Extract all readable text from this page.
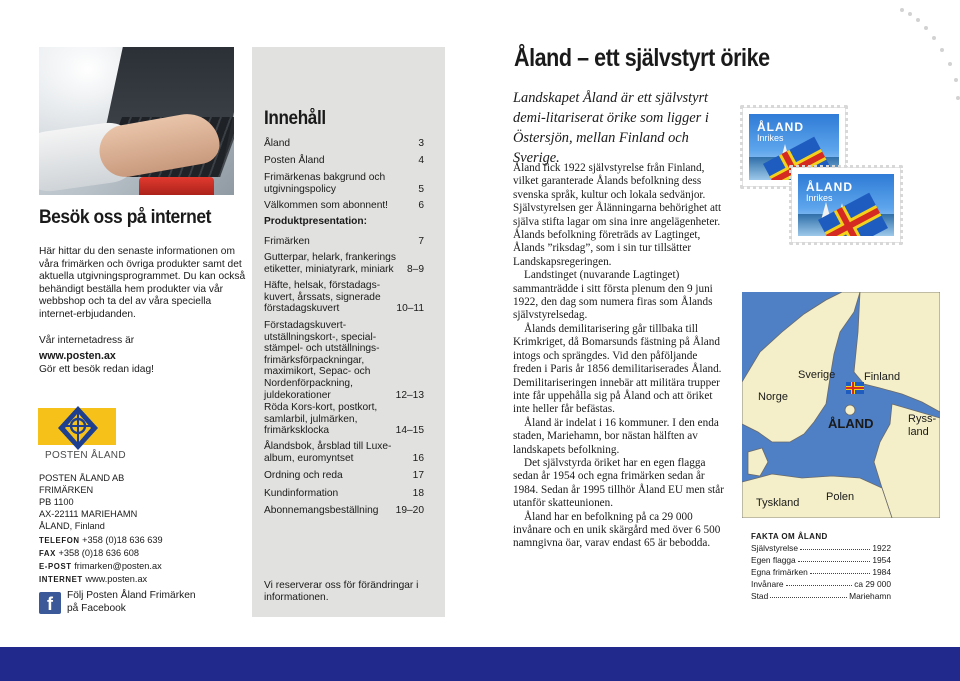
Besök oss på internet
Här hittar du den senaste informationen om våra frimärken och övriga produkter samt det aktuella utgivningsprogrammet. Du kan också behändigt beställa hem produkter via vår webbshop och ta del av våra speciella internet-erbjudanden.
Vår internetadress är
www.posten.ax
Gör ett besök redan idag!
POSTEN ÅLAND
POSTEN ÅLAND AB
FRIMÄRKEN
PB 1100
AX-22111 MARIEHAMN
ÅLAND, Finland
TELEFON +358 (0)18 636 639
FAX +358 (0)18 636 608
E-POST frimarken@posten.ax
INTERNET www.posten.ax
f	Följ Posten Åland Frimärken på Facebook
Innehåll
Åland	3
Posten Åland	4
Frimärkenas bakgrund och utgivningspolicy	5
Välkommen som abonnent!	6
Produktpresentation:
Frimärken	7
Gutterpar, helark, frankerings etiketter, miniatyrark, miniark	8–9
Häfte, helsak, förstadags-kuvert, årssats, signerade förstadagskuvert	10–11
Förstadagskuvert-utställningskort-, special-stämpel- och utställnings-frimärksförpackningar, maximikort, Sepac- och Nordenförpackning, juldekorationer	12–13
Röda Kors-kort, postkort, samlarbil, julmärken, frimärksklocka	14–15
Ålandsbok, årsblad till Luxe-album, euromyntset	16
Ordning och reda	17
Kundinformation	18
Abonnemangsbeställning	19–20
Vi reserverar oss för förändringar i informationen.
Åland – ett självstyrt örike
Landskapet Åland är ett självstyrt demi-litariserat örike som ligger i Östersjön, mellan Finland och Sverige.

Åland fick 1922 självstyrelse från Finland, vilket garanterade Ålands befolkning dess svenska språk, kultur och lokala sedvänjor. Självstyrelsen ger Ålänningarna behörighet att själva stifta lagar om sina inre angelägenheter. Ålands befolkning företräds av Lagtinget, Ålands ”riksdag”, som i sin tur tillsätter Landskapsregeringen.

Landstinget (nuvarande Lagtinget) sammanträdde i sitt första plenum den 9 juni 1922, den dag som numera firas som Ålands självstyrelsedag.

Ålands demilitarisering går tillbaka till Krimkriget, då Bomarsunds fästning på Åland intogs och sprängdes. Vid den påföljande freden i Paris år 1856 demilitariserades Åland. Demilitariseringen innebär att militära trupper inte får uppehålla sig på Åland och att öriket inte heller får befästas.

Åland är indelat i 16 kommuner. I den enda staden, Mariehamn, bor nästan hälften av landskapets befolkning.

Det självstyrda öriket har en egen flagga sedan år 1954 och egna frimärken sedan år 1984. Sedan år 1995 tillhör Åland EU men står utanför skatteunionen.

Åland har en befolkning på ca 29 000 invånare och en unik skärgård med över 6 500 namngivna öar, varav endast 65 är bebodda.

ÅLAND
Inrikes
ÅLAND
Inrikes
Norge
Sverige	Finland
ÅLAND	Ryss-
land
Tyskland Polen
FAKTA OM ÅLAND
Självstyrelse	1922
Egen flagga	1954
Egna frimärken	1984
Invånare	ca 29 000
Stad	Mariehamn
